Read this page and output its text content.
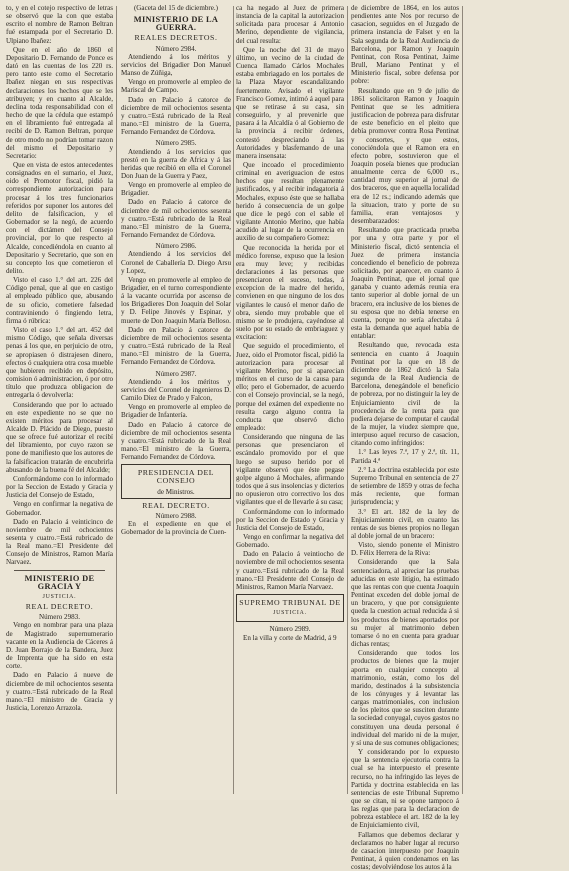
to, y en el cotejo respectivo de letras se observó que la con que estaba escrito el nombre de Ramon Beltran fué estampada por el Secretario D. Ulpiano Ibañez:

Que en el año de 1860 el Depositario D. Fernando de Ponce es dató en las cuentas de los 220 rs. pero tanto este como el Secretario Ibañez niegan en sus respectivas declaraciones los hechos que se les atribuyen; y en cuanto al Alcalde, declina toda responsabilidad con el hecho de que la cédula que estampó en el libramiento fué entregada al recibí de D. Ramon Beltran, porque de otro modo no podrían tomar razon del mismo el Depositario y Secretario:

Que en vista de estos antecedentes consignados en el sumario, el Juez, oido el Promotor fiscal, pidió la correspondiente autorizacion para procesar á los tres funcionarios referidos por suponer los autores del delito de falsificacion, y el Gobernador se la negó, de acuerdo con el dictámen del Consejo provincial, por lo que respecto al Alcalde, concediéndola en cuanto al Depositario y Secretario, que son en su concepto los que cometieron el delito.

Visto el caso 1.° del art. 226 del Código penal, que al que en castigo al empleado público que, abusando de su oficio, cometiere falsedad contraviniendo ó fingiendo letra, firma ó rúbrica:

Visto el caso 1.° del art. 452 del mismo Código, que señala diversas penas á los que, en perjuicio de otro, se apropiasen ó distrajesen dinero, efectos ó cualquiera otra cosa mueble que hubieren recibido en depósito, comision ó administracion, ó por otro título que produzca obligacion de entregarla ó devolverla:

Considerando que por lo actuado en este expediente no se que no existen méritos para procesar al Alcalde D. Plácido de Diego, puesto que se ofrece fué autorizar el recibí del libramiento, por cuyo razon se pone de manifiesto que los autores de la falsificacion tratarán de encubrirla abusando de la buena fé del Alcalde;

Conformándome con lo informado por la Seccion de Estado y Gracia y Justicia del Consejo de Estado,

Vengo en confirmar la negativa de Gobernador.

Dado en Palacio á veinticinco de noviembre de mil ochocientos sesenta y cuatro.=Está rubricado de la Real mano.=El Presidente del Consejo de Ministros, Ramon María Narvaez.

MINISTERIO DE GRACIA Y
JUSTICIA.
REAL DECRETO.
Número 2983.

Vengo en nombrar para una plaza de Magistrado supernumerario vacante en la Audiencia de Cáceres á D. Juan Borrajo de la Bandera, Juez de Imprenta que ha sido en esta corte.

Dado en Palacio á nueve de diciembre de mil ochocientos sesenta y cuatro.=Está rubricado de la Real mano.=El ministro de Gracia y Justicia, Lorenzo Arrazola.

(Gaceta del 15 de diciembre.)
MINISTERIO DE LA GUERRA.
REALES DECRETOS.
Número 2984.

Atendiendo á los méritos y servicios del Brigadier Don Manuel Manso de Zúñiga,

Vengo en promoverle al empleo de Mariscal de Campo.

Dado en Palacio á catorce de diciembre de mil ochocientos sesenta y cuatro.=Está rubricado de la Real mano.=El ministro de la Guerra, Fernando Fernandez de Córdova.

Número 2985.

Atendiendo á los servicios que prestó en la guerra de Africa y á las heridas que recibió en ella el Coronel Don Juan de la Guerra y Paez,

Vengo en promoverle al empleo de Brigadier.

Dado en Palacio á catorce de diciembre de mil ochocientos sesenta y cuatro.=Está rubricado de la Real mano.=El ministro de la Guerra, Fernando Fernandez de Córdova.

Número 2986.

Atendiendo á los servicios del Coronel de Caballería D. Diego Arsu y Lopez,

Vengo en promoverle al empleo de Brigadier, en el turno correspondiente á la vacante ocurrida por ascenso de los Brigadieres Don Joaquin del Solar y D. Felipe Jinovés y Espinar, y muerte de Don Joaquin María Belloso.

Dado en Palacio á catorce de diciembre de mil ochocientos sesenta y cuatro.=Está rubricado de la Real mano.=El ministro de la Guerra, Fernando Fernandez de Córdova.

Número 2987.

Atendiendo á los méritos y servicios del Coronel de ingenieros D. Camilo Diez de Prado y Falcon,

Vengo en promoverle al empleo de Brigadier de Infantería.

Dado en Palacio á catorce de diciembre de mil ochocientos sesenta y cuatro.=Está rubricado de la Real mano.=El ministro de la Guerra, Fernando Fernandez de Córdova.

PRESIDENCIA DEL CONSEJO
de Ministros.
REAL DECRETO.
Número 2988.

En el expediente en que el Gobernador de la provincia de Cuen-

ca ha negado al Juez de primera instancia de la capital la autorizacion solicitada para procesar á Antonio Merino, dependiente de vigilancia, del cual resulta:

Que la noche del 31 de mayo último, un vecino de la ciudad de Cuenca llamado Cárlos Mochales estaba embriagado en los portales de la Plaza Mayor escandalizando fuertemente. Avisado el vigilante Francisco Gomez, intimó á aquel para que se retirase á su casa, sin conseguirlo, y al prevenirle que pasara á la Alcaldía ó al Gobierno de la provincia á recibir órdenes, contestó despreciando á las Autoridades y blasfemando de una manera insensata:

Que incoado el procedimiento criminal en averiguacion de estos hechos que resultan plenamente justificados, y al recibir indagatoria á Mochales, expuso éste que se hallaba herido á consecuencia de un golpe que dice le pegó con el sable el vigilante Antonio Merino, que había acudido al lugar de la ocurrencia en auxilio de su compañero Gomez:

Que reconocida la herida por el médico forense, expuso que la lesion era muy leve; y recibidas declaraciones á las personas que presenciaron el suceso, todas, á excepcion de la madre del herido, convienen en que ninguno de los dos vigilantes le causó el menor daño de obra, siendo muy probable que el mismo se le produjera, cayéndose al suelo por su estado de embriaguez y excitacion:

Que seguido el procedimiento, el Juez, oido el Promotor fiscal, pidió la autorizacion para procesar al vigilante Merino, por si aparecian méritos en el curso de la causa para ello; pero el Gobernador, de acuerdo con el Consejo provincial, se la negó, porque del exámen del expediente no resulta cargo alguno contra la conducta que observó dicho empleado:

Considerando que ninguna de las personas que presenciaron el escándalo promovido por el que luego se supuso herido por el vigilante observó que éste pegase golpe alguno á Mochales, afirmando todos que á sus insolencias y dicterios no opusieron otro correctivo los dos vigilantes que el de llevarle á su casa;

Conformándome con lo informado por la Seccion de Estado y Gracia y Justicia del Consejo de Estado,

Vengo en confirmar la negativa del Gobernado.

Dado en Palacio á veintiocho de noviembre de mil ochocientos sesenta y cuatro.=Está rubricado de la Real mano.=El Presidente del Consejo de Ministros, Ramon María Narvaez.

SUPREMO TRIBUNAL DE
JUSTICIA.
Número 2989.

En la villa y corte de Madrid, á 9

de diciembre de 1864, en los autos pendientes ante Nos por recurso de casacion, seguidos en el Juzgado de primera instancia de Falset y en la Sala segunda de la Real Audiencia de Barcelona, por Ramon y Joaquin Pentinat, con Rosa Pentinat, Jaime Brull, Mariano Pentinat y el Ministerio fiscal, sobre defensa por pobre:

Resultando que en 9 de julio de 1861 solicitaron Ramon y Joaquin Pentinat que se les admitiera justificacion de pobreza para disfrutar de este beneficio en el pleito que debía promover contra Rosa Pentinat y consortes, y que estos, conociéndola que el Ramon era en efecto pobre, sostuvieron que el Joaquin poseía bienes que producían anualmente cerca de 6,000 rs., cantidad muy superior al jornal de dos braceros, que en aquella localidad era de 12 rs.; indicando además que la situacion, trato y porte de su familia, eran ventajosos y desembarazados:

Resultando que practicada prueba por una y otra parte y por el Ministerio fiscal, dictó sentencia el Juez de primera instancia concediendo el beneficio de pobreza solicitado, por aparecer, en cuanto á Joaquin Pentinat, que el jornal que ganaba y cuanto además reunia era tanto superior al doble jornal de un bracero, era inclusive de los bienes de su esposa que no debía tenerse en cuenta, porque no sería afectaba á esta la demanda que aquel había de entablar:

Resultando que, revocada esta sentencia en cuanto á Joaquin Pentinat por la que en 18 de diciembre de 1862 dictó la Sala segunda de la Real Audiencia de Barcelona, denegándole el beneficio de pobreza, por no distinguir la ley de Enjuiciamiento civil de la procedencia de la renta para que pudiera dejarse de computar el caudal de la mujer, la viudez siempre que, interpuso aquel recurso de casacion, citando como infringidos:

1.° Las leyes 7.ª, 17 y 2.ª, tít. 11, Partida 4.ª

2.° La doctrina establecida por este Supremo Tribunal en sentencia de 27 de setiembre de 1859 y otras de fecha más reciente, que forman jurisprudencia; y

3.° El art. 182 de la ley de Enjuiciamiento civil, en cuanto las rentas de sus bienes propios no llegan al doble jornal de un bracero:

Visto, siendo ponente el Ministro D. Félix Herrera de la Riva:

Considerando que la Sala sentenciadora, al apreciar las pruebas aducidas en este litigio, ha estimado que las rentas con que cuenta Joaquin Pentinat exceden del doble jornal de un bracero, y que por consiguiente queda la cuestion actual reducida á si los productos de bienes aportados por su mujer al matrimonio deben tomarse ó no en cuenta para graduar dichas rentas;

Considerando que todos los productos de bienes que la mujer aporta en cualquier concepto al matrimonio, están, como los del marido, destinados á la subsistencia de los cónyuges y á levantar las cargas matrimoniales, con inclusion de los pleitos que se susciten durante la sociedad conyugal, cuyos gastos no constituyen una deuda personal é individual del marido ni de la mujer, y sí una de sus comunes obligaciones;

Y considerando por lo expuesto que la sentencia ejecutoria contra la cual se ha interpuesto el presente recurso, no ha infringido las leyes de Partida y doctrina establecida en las sentencias de este Tribunal Supremo que se citan, ni se opone tampoco á las reglas que para la declaracion de pobreza establece el art. 182 de la ley de Enjuiciamiento civil,

Fallamos que debemos declarar y declaramos no haber lugar al recurso de casacion interpuesto por Joaquin Pentinat, á quien condenamos en las costas; devolviéndose los autos á la
